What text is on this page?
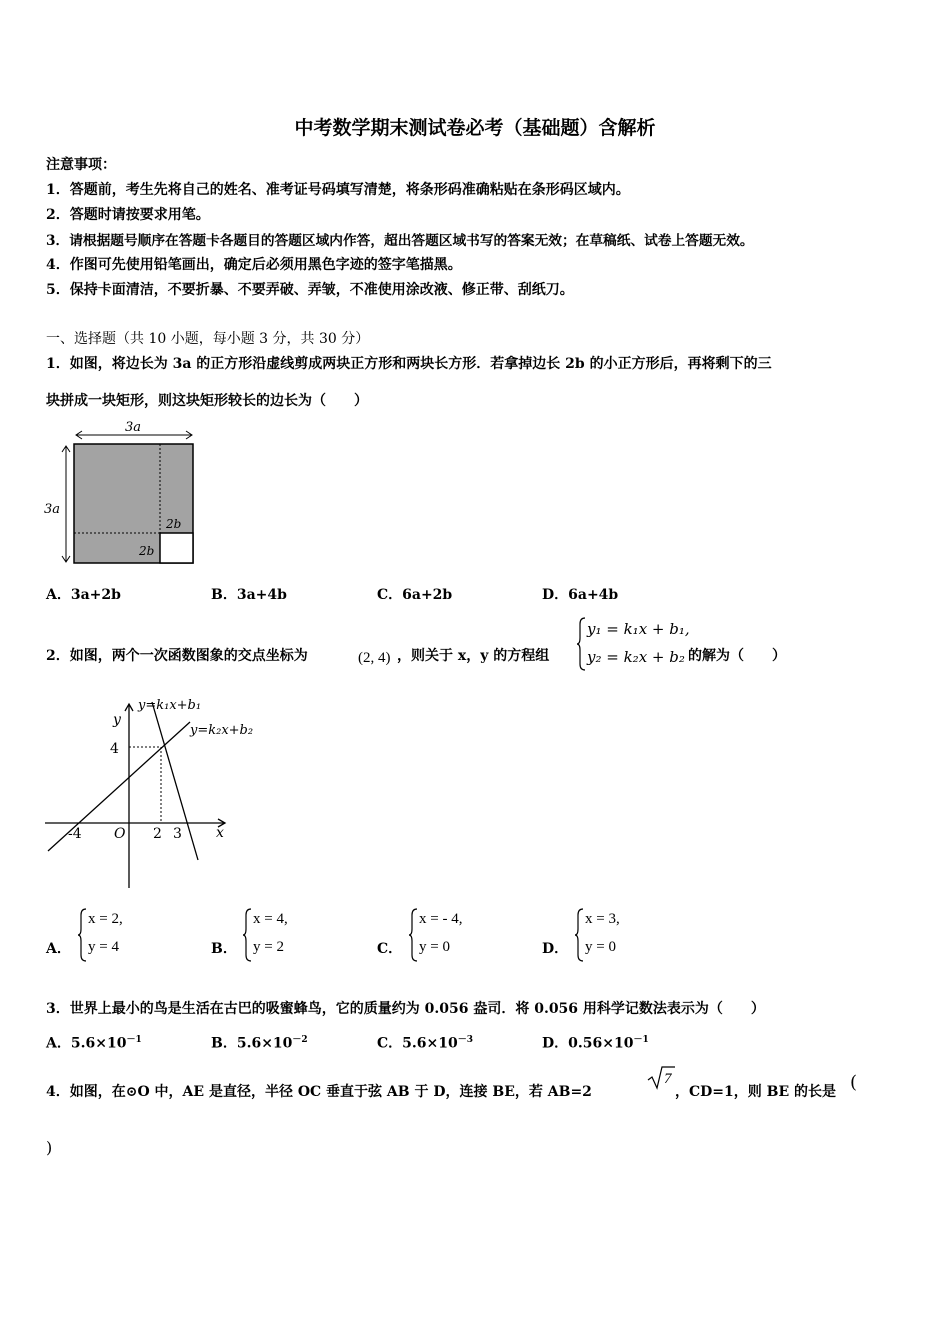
中考数学期末测试卷必考（基础题）含解析
注意事项：
1．答题前，考生先将自己的姓名、准考证号码填写清楚，将条形码准确粘贴在条形码区域内。
2．答题时请按要求用笔。
3．请根据题号顺序在答题卡各题目的答题区域内作答，超出答题区域书写的答案无效；在草稿纸、试卷上答题无效。
4．作图可先使用铅笔画出，确定后必须用黑色字迹的签字笔描黑。
5．保持卡面清洁，不要折暴、不要弄破、弄皱，不准使用涂改液、修正带、刮纸刀。
一、选择题（共 10 小题，每小题 3 分，共 30 分）
1．如图，将边长为 3a 的正方形沿虚线剪成两块正方形和两块长方形．若拿掉边长 2b 的小正方形后，再将剩下的三
块拼成一块矩形，则这块矩形较长的边长为（　　）
3a
3a
2b
2b
A．3a+2b	B．3a+4b	C．6a+2b	D．6a+4b
2．如图，两个一次函数图象的交点坐标为	(2, 4) ，则关于 x，y 的方程组
y₁ = k₁x + b₁,
y₂ = k₂x + b₂ 的解为（　　）
y=k₁x+b₁
y=k₂x+b₂
y
x
O
4
-4	2 3
A．
x = 2,
y = 4	B．
x = 4,
y = 2	C．
x = - 4,
y = 0	D．
x = 3,
y = 0
3．世界上最小的鸟是生活在古巴的吸蜜蜂鸟，它的质量约为 0.056 盎司．将 0.056 用科学记数法表示为（　　）
A．$5.6\times 10^{-1}$	B．$5.6\times 10^{-2}$	C．$5.6\times 10^{-3}$	D．$0.56\times 10^{-1}$
4．如图，在⊙O 中，AE 是直径，半径 OC 垂直于弦 AB 于 D，连接 BE，若 AB=2
7
，CD=1，则 BE 的长是 (
)
